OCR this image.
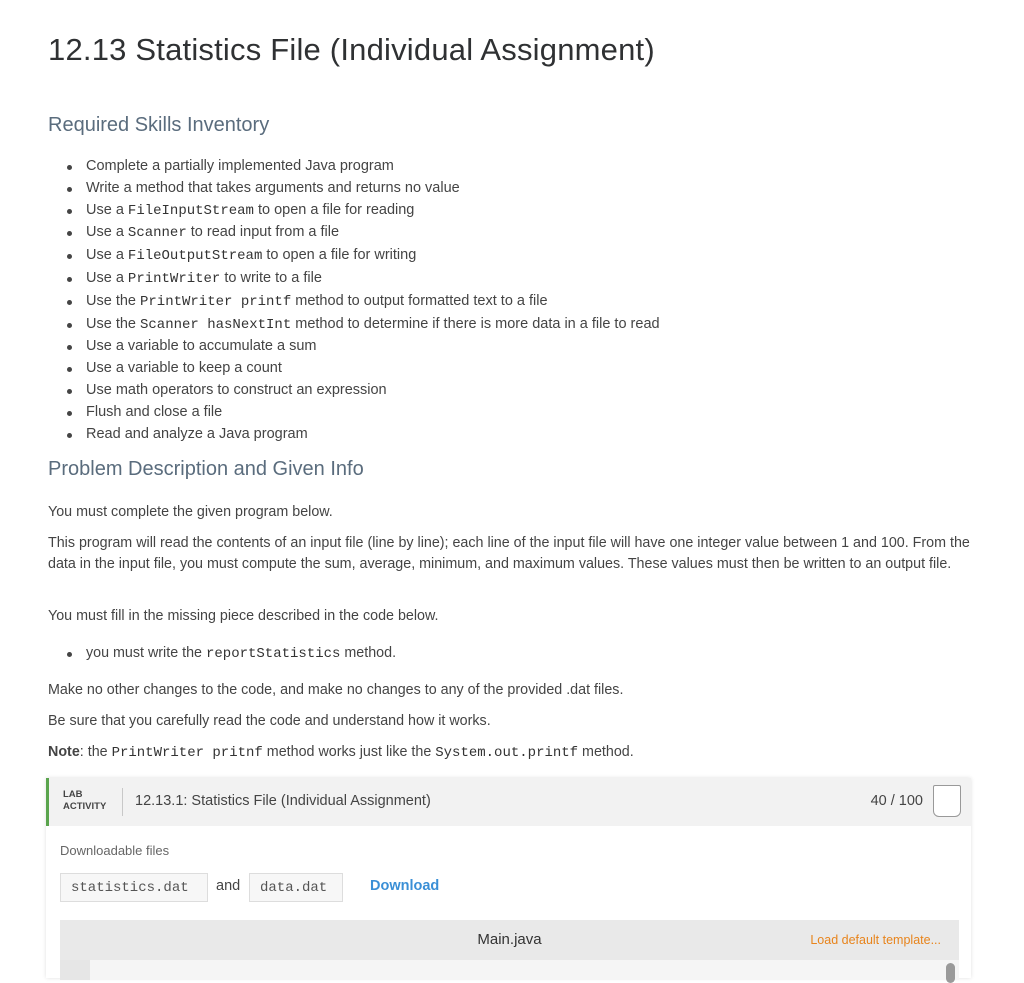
12.13 Statistics File (Individual Assignment)
Required Skills Inventory
Complete a partially implemented Java program
Write a method that takes arguments and returns no value
Use a FileInputStream to open a file for reading
Use a Scanner to read input from a file
Use a FileOutputStream to open a file for writing
Use a PrintWriter to write to a file
Use the PrintWriter printf method to output formatted text to a file
Use the Scanner hasNextInt method to determine if there is more data in a file to read
Use a variable to accumulate a sum
Use a variable to keep a count
Use math operators to construct an expression
Flush and close a file
Read and analyze a Java program
Problem Description and Given Info

You must complete the given program below.

This program will read the contents of an input file (line by line); each line of the input file will have one integer value between 1 and 100. From the data in the input file, you must compute the sum, average, minimum, and maximum values. These values must then be written to an output file.

You must fill in the missing piece described in the code below.

you must write the reportStatistics method.

Make no other changes to the code, and make no changes to any of the provided .dat files.

Be sure that you carefully read the code and understand how it works.

Note: the PrintWriter pritnf method works just like the System.out.printf method.

LAB
ACTIVITY 12.13.1: Statistics File (Individual Assignment)	40 / 100
Downloadable files
statistics.dat	and	data.dat	Download
Main.java	Load default template...
